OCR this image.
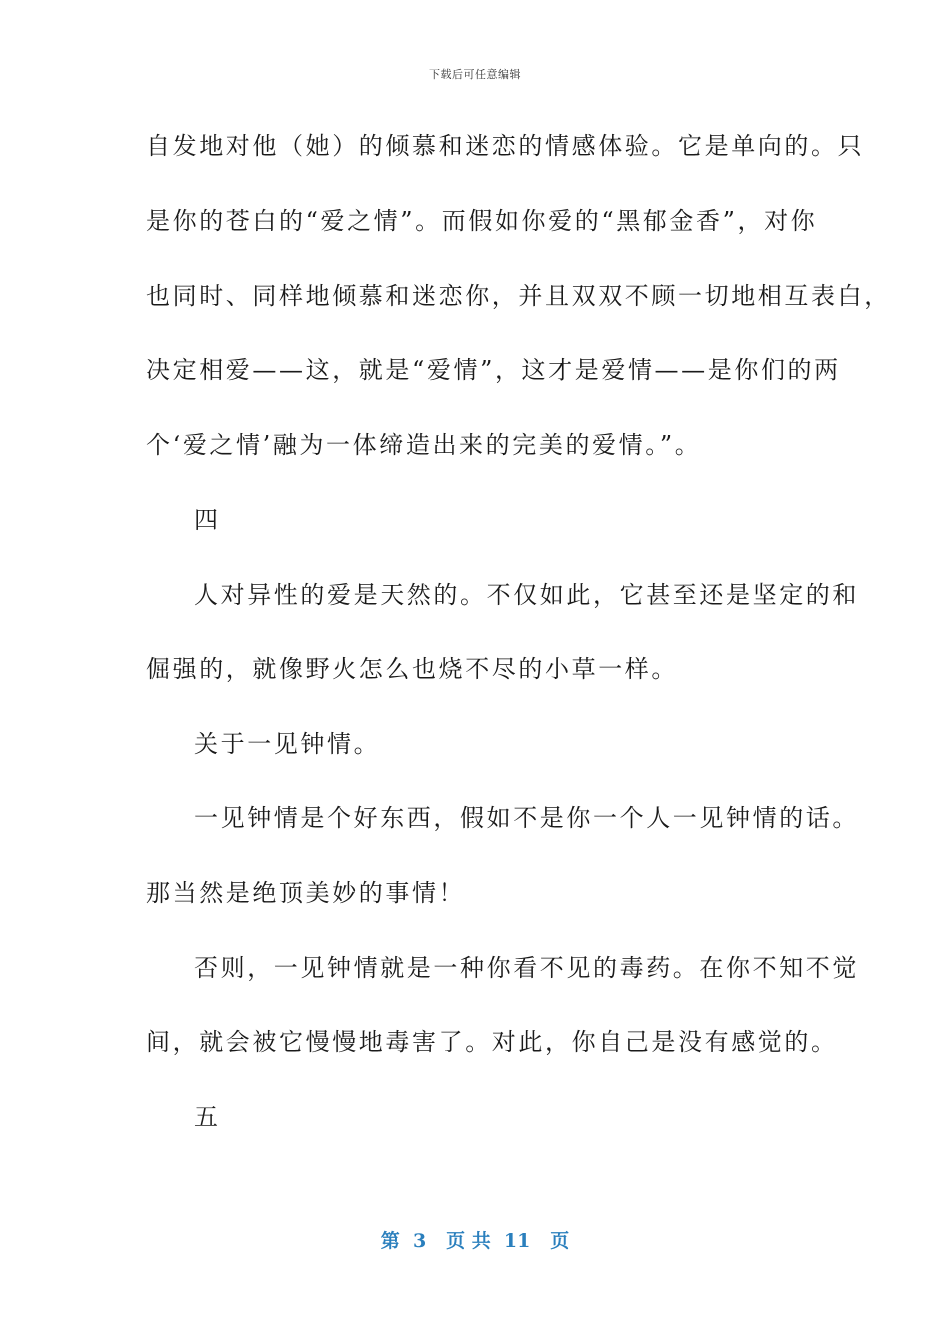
下载后可任意编辑
自发地对他（她）的倾慕和迷恋的情感体验。它是单向的。只
是你的苍白的“爱之情”。而假如你爱的“黑郁金香”，对你
也同时、同样地倾慕和迷恋你，并且双双不顾一切地相互表白，
决定相爱——这，就是“爱情”，这才是爱情——是你们的两
个‘爱之情’融为一体缔造出来的完美的爱情。”。
四
人对异性的爱是天然的。不仅如此，它甚至还是坚定的和
倔强的，就像野火怎么也烧不尽的小草一样。
关于一见钟情。
一见钟情是个好东西，假如不是你一个人一见钟情的话。
那当然是绝顶美妙的事情！
否则，一见钟情就是一种你看不见的毒药。在你不知不觉
间，就会被它慢慢地毒害了。对此，你自己是没有感觉的。
五
第  3   页 共  11   页
